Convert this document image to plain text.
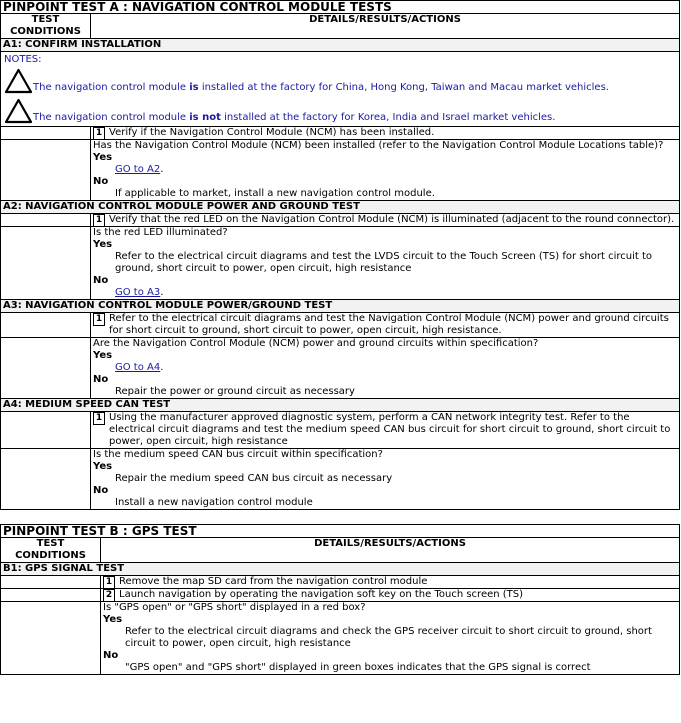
PINPOINT TEST A : NAVIGATION CONTROL MODULE TESTS	
TEST CONDITIONS	DETAILS/RESULTS/ACTIONS
A1: CONFIRM INSTALLATION	

NOTES:
The navigation control module is installed at the factory for China, Hong Kong, Taiwan and Macau market vehicles.
The navigation control module is not installed at the factory for Korea, India and Israel market vehicles.	

	1 Verify if the Navigation Control Module (NCM) has been installed.

	Has the Navigation Control Module (NCM) been installed (refer to the Navigation Control Module Locations table)?
Yes
GO to A2.
No
If applicable to market, install a new navigation control module.

A2: NAVIGATION CONTROL MODULE POWER AND GROUND TEST	

	1 Verify that the red LED on the Navigation Control Module (NCM) is illuminated (adjacent to the round connector).

	Is the red LED illuminated?
Yes
Refer to the electrical circuit diagrams and test the LVDS circuit to the Touch Screen (TS) for short circuit to ground, short circuit to power, open circuit, high resistance
No
GO to A3.

A3: NAVIGATION CONTROL MODULE POWER/GROUND TEST	

	1 Refer to the electrical circuit diagrams and test the Navigation Control Module (NCM) power and ground circuits for short circuit to ground, short circuit to power, open circuit, high resistance.

	Are the Navigation Control Module (NCM) power and ground circuits within specification?
Yes
GO to A4.
No
Repair the power or ground circuit as necessary

A4: MEDIUM SPEED CAN TEST	

	1 Using the manufacturer approved diagnostic system, perform a CAN network integrity test. Refer to the electrical circuit diagrams and test the medium speed CAN bus circuit for short circuit to ground, short circuit to power, open circuit, high resistance

	Is the medium speed CAN bus circuit within specification?
Yes
Repair the medium speed CAN bus circuit as necessary
No
Install a new navigation control module
PINPOINT TEST B : GPS TEST	
TEST CONDITIONS	DETAILS/RESULTS/ACTIONS
B1: GPS SIGNAL TEST	

	1 Remove the map SD card from the navigation control module

	2 Launch navigation by operating the navigation soft key on the Touch screen (TS)

	Is "GPS open" or "GPS short" displayed in a red box?
Yes
Refer to the electrical circuit diagrams and check the GPS receiver circuit to short circuit to ground, short circuit to power, open circuit, high resistance
No
"GPS open" and "GPS short" displayed in green boxes indicates that the GPS signal is correct
